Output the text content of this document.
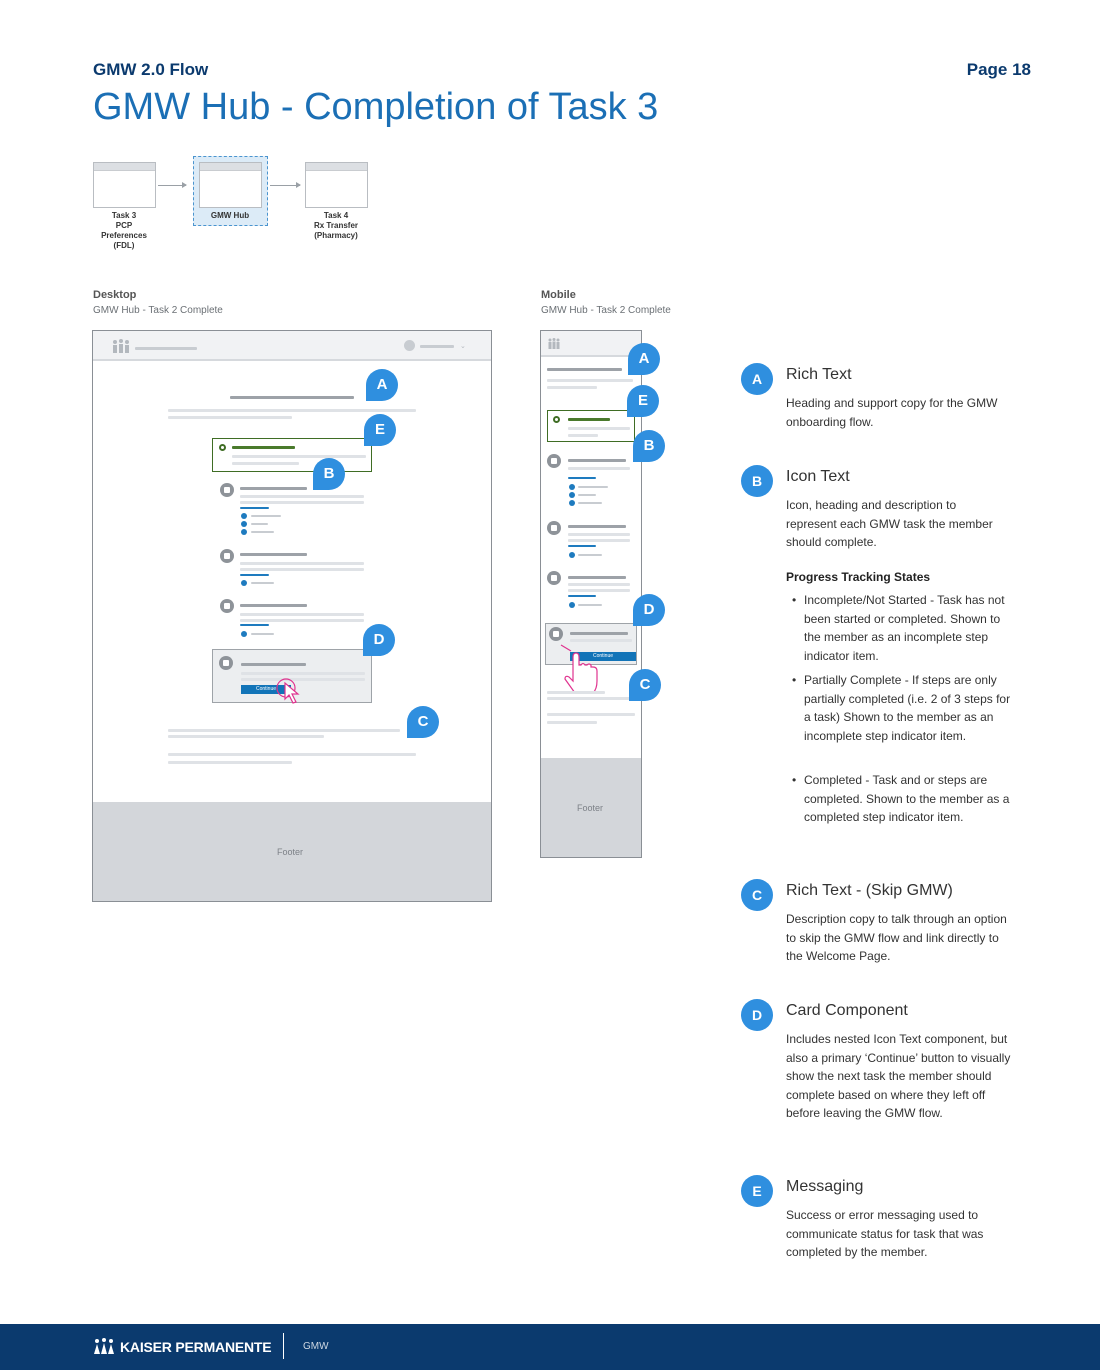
GMW 2.0 Flow	Page 18
GMW Hub - Completion of Task 3
Task 3
PCP
Preferences
(FDL)
GMW Hub	Task 4
Rx Transfer
(Pharmacy)
Desktop
GMW Hub - Task 2 Complete
Mobile
GMW Hub - Task 2 Complete
⌄
Continue
Footer
A
E
B
D
C
Continue
Footer
A
E
B
D
C
A	Rich Text
Heading and support copy for the GMW onboarding flow.
B	Icon Text
Icon, heading and description to represent each GMW task the member should complete.
Progress Tracking States
• Incomplete/Not Started - Task has not been started or completed. Shown to the member as an incomplete step indicator item.
• Partially Complete - If steps are only partially completed (i.e. 2 of 3 steps for a task) Shown to the member as an incomplete step indicator item.
• Completed - Task and or steps are completed. Shown to the member as a completed step indicator item.
C	Rich Text - (Skip GMW)
Description copy to talk through an option to skip the GMW flow and link directly to the Welcome Page.
D	Card Component
Includes nested Icon Text component, but also a primary ‘Continue’ button to visually show the next task the member should complete based on where they left off before leaving the GMW flow.
E	Messaging
Success or error messaging used to communicate status for task that was completed by the member.
KAISER PERMANENTE	GMW
